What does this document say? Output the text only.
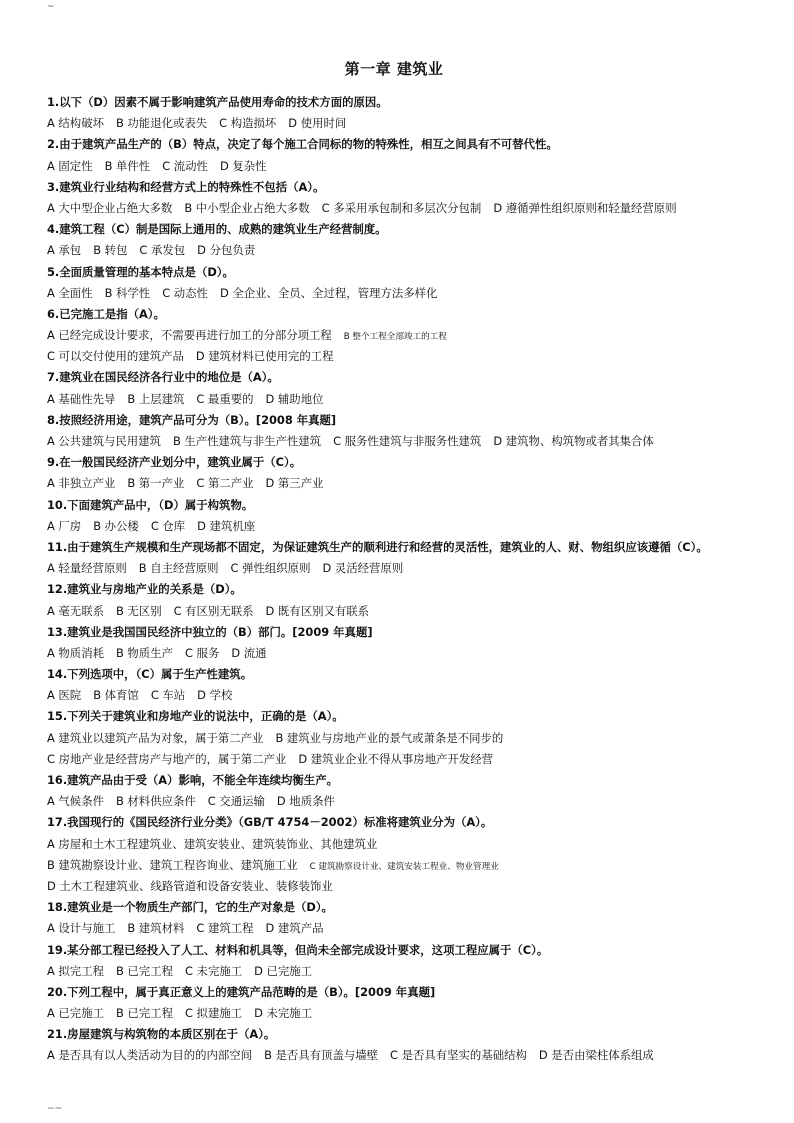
~
第一章 建筑业
1.以下（D）因素不属于影响建筑产品使用寿命的技术方面的原因。
A 结构破坏 B 功能退化或表失 C 构造损坏 D 使用时间
2.由于建筑产品生产的（B）特点，决定了每个施工合同标的物的特殊性，相互之间具有不可替代性。
A 固定性 B 单件性 C 流动性 D 复杂性
3.建筑业行业结构和经营方式上的特殊性不包括（A）。
A 大中型企业占绝大多数 B 中小型企业占绝大多数 C 多采用承包制和多层次分包制 D 遵循弹性组织原则和轻量经营原则
4.建筑工程（C）制是国际上通用的、成熟的建筑业生产经营制度。
A 承包 B 转包 C 承发包 D 分包负责
5.全面质量管理的基本特点是（D）。
A 全面性 B 科学性 C 动态性 D 全企业、全员、全过程，管理方法多样化
6.已完施工是指（A）。
A 已经完成设计要求，不需要再进行加工的分部分项工程 B 整个工程全部竣工的工程
C 可以交付使用的建筑产品 D 建筑材料已使用完的工程
7.建筑业在国民经济各行业中的地位是（A）。
A 基础性先导 B 上层建筑 C 最重要的 D 辅助地位
8.按照经济用途，建筑产品可分为（B）。[2008 年真题]
A 公共建筑与民用建筑 B 生产性建筑与非生产性建筑 C 服务性建筑与非服务性建筑 D 建筑物、构筑物或者其集合体
9.在一般国民经济产业划分中，建筑业属于（C）。
A 非独立产业 B 第一产业 C 第二产业 D 第三产业
10.下面建筑产品中，（D）属于构筑物。
A 厂房 B 办公楼 C 仓库 D 建筑机座
11.由于建筑生产规模和生产现场都不固定，为保证建筑生产的顺利进行和经营的灵活性，建筑业的人、财、物组织应该遵循（C）。
A 轻量经营原则 B 自主经营原则 C 弹性组织原则 D 灵活经营原则
12.建筑业与房地产业的关系是（D）。
A 毫无联系 B 无区别 C 有区别无联系 D 既有区别又有联系
13.建筑业是我国国民经济中独立的（B）部门。[2009 年真题]
A 物质消耗 B 物质生产 C 服务 D 流通
14.下列选项中，（C）属于生产性建筑。
A 医院 B 体育馆 C 车站 D 学校
15.下列关于建筑业和房地产业的说法中，正确的是（A）。
A 建筑业以建筑产品为对象，属于第二产业 B 建筑业与房地产业的景气或萧条是不同步的
C 房地产业是经营房产与地产的，属于第二产业 D 建筑业企业不得从事房地产开发经营
16.建筑产品由于受（A）影响，不能全年连续均衡生产。
A 气候条件 B 材料供应条件 C 交通运输 D 地质条件
17.我国现行的《国民经济行业分类》（GB/T 4754－2002）标准将建筑业分为（A）。
A 房屋和土木工程建筑业、建筑安装业、建筑装饰业、其他建筑业
B 建筑勘察设计业、建筑工程咨询业、建筑施工业 C 建筑勘察设计业、建筑安装工程业、物业管理业
D 土木工程建筑业、线路管道和设备安装业、装修装饰业
18.建筑业是一个物质生产部门，它的生产对象是（D）。
A 设计与施工 B 建筑材料 C 建筑工程 D 建筑产品
19.某分部工程已经投入了人工、材料和机具等，但尚未全部完成设计要求，这项工程应属于（C）。
A 拟完工程 B 已完工程 C 未完施工 D 已完施工
20.下列工程中，属于真正意义上的建筑产品范畴的是（B）。[2009 年真题]
A 已完施工 B 已完工程 C 拟建施工 D 未完施工
21.房屋建筑与构筑物的本质区别在于（A）。
A 是否具有以人类活动为目的的内部空间 B 是否具有顶盖与墙壁 C 是否具有坚实的基础结构 D 是否由梁柱体系组成
~~
